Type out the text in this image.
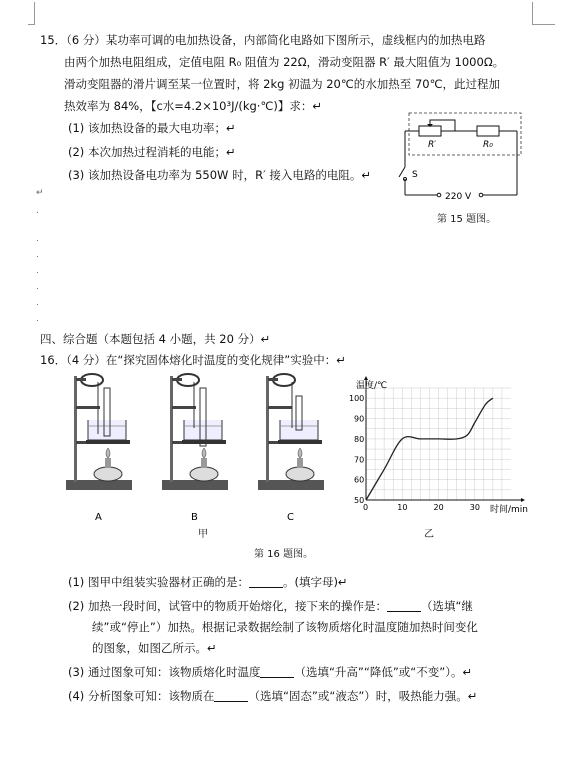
15．（6 分）某功率可调的电加热设备，内部简化电路如下图所示，虚线框内的加热电路
由两个加热电阻组成，定值电阻 R₀ 阻值为 22Ω，滑动变阻器 R′ 最大阻值为 1000Ω。
滑动变阻器的滑片调至某一位置时，将 2kg 初温为 20℃的水加热至 70℃，此过程加
热效率为 84%，【c水=4.2×10³J/(kg·℃)】求：↵
(1) 该加热设备的最大电功率；↵
(2) 本次加热过程消耗的电能；↵
(3) 该加热设备电功率为 550W 时，R′ 接入电路的电阻。↵
R′	R₀
S
220 V
第 15 题图。
↵
.
.
.
.
.
.
.
四、综合题（本题包括 4 小题，共 20 分）↵
16．（4 分）在“探究固体熔化时温度的变化规律”实验中：↵
A	B	C
甲
0	10	20	30
50
60
70
80
90
100
温度/℃
时间/min
乙
第 16 题图。
(1) 图甲中组装实验器材正确的是：	。(填字母)↵
(2) 加热一段时间，试管中的物质开始熔化，接下来的操作是：	（选填“继
续”或“停止”）加热。根据记录数据绘制了该物质熔化时温度随加热时间变化
的图象，如图乙所示。↵
(3) 通过图象可知：该物质熔化时温度	（选填“升高”“降低”或“不变”）。↵
(4) 分析图象可知：该物质在	（选填“固态”或“液态”）时，吸热能力强。↵
